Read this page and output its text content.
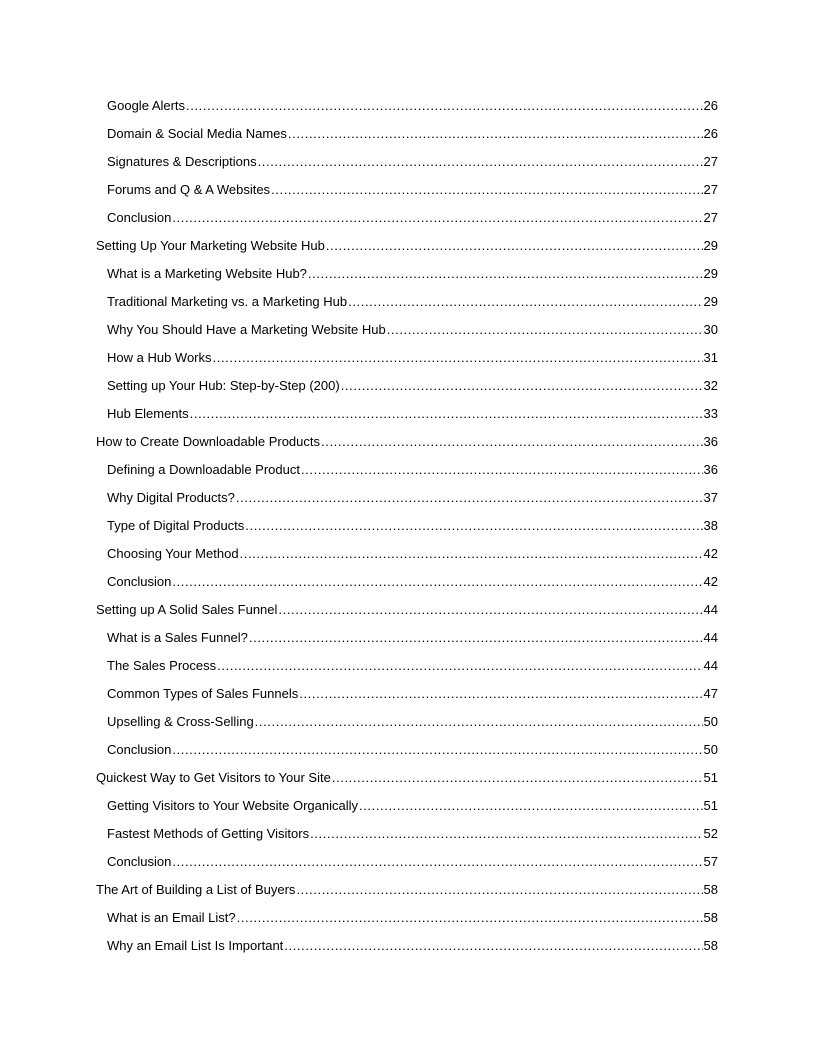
Google Alerts .....	26
Domain & Social Media Names .....	26
Signatures & Descriptions .....	27
Forums and Q & A Websites .....	27
Conclusion .....	27
Setting Up Your Marketing Website Hub .....	29
What is a Marketing Website Hub? .....	29
Traditional Marketing vs. a Marketing Hub .....	29
Why You Should Have a Marketing Website Hub .....	30
How a Hub Works .....	31
Setting up Your Hub: Step-by-Step (200) .....	32
Hub Elements .....	33
How to Create Downloadable Products .....	36
Defining a Downloadable Product .....	36
Why Digital Products? .....	37
Type of Digital Products .....	38
Choosing Your Method .....	42
Conclusion .....	42
Setting up A Solid Sales Funnel .....	44
What is a Sales Funnel? .....	44
The Sales Process .....	44
Common Types of Sales Funnels .....	47
Upselling & Cross-Selling .....	50
Conclusion .....	50
Quickest Way to Get Visitors to Your Site .....	51
Getting Visitors to Your Website Organically .....	51
Fastest Methods of Getting Visitors .....	52
Conclusion .....	57
The Art of Building a List of Buyers .....	58
What is an Email List? .....	58
Why an Email List Is Important .....	58
